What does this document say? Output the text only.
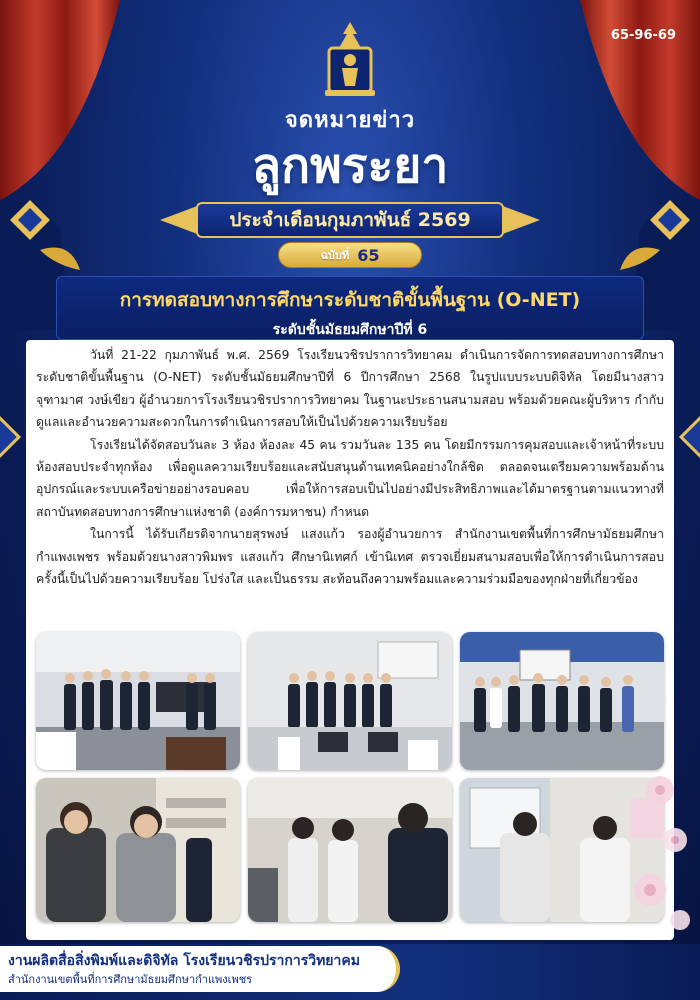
65-96-69
จดหมายข่าว
ลูกพระยา
ประจำเดือนกุมภาพันธ์ 2569
ฉบับที่ 65
การทดสอบทางการศึกษาระดับชาติขั้นพื้นฐาน (O-NET)
ระดับชั้นมัธยมศึกษาปีที่ 6

วันที่ 21-22 กุมภาพันธ์ พ.ศ. 2569 โรงเรียนวชิรปราการวิทยาคม ดำเนินการจัดการทดสอบทางการศึกษาระดับชาติขั้นพื้นฐาน (O-NET) ระดับชั้นมัธยมศึกษาปีที่ 6 ปีการศึกษา 2568 ในรูปแบบระบบดิจิทัล โดยมีนางสาวจุฑามาศ วงษ์เขียว ผู้อำนวยการโรงเรียนวชิรปราการวิทยาคม ในฐานะประธานสนามสอบ พร้อมด้วยคณะผู้บริหาร กำกับดูแลและอำนวยความสะดวกในการดำเนินการสอบให้เป็นไปด้วยความเรียบร้อย

โรงเรียนได้จัดสอบวันละ 3 ห้อง ห้องละ 45 คน รวมวันละ 135 คน โดยมีกรรมการคุมสอบและเจ้าหน้าที่ระบบห้องสอบประจำทุกห้อง เพื่อดูแลความเรียบร้อยและสนับสนุนด้านเทคนิคอย่างใกล้ชิด ตลอดจนเตรียมความพร้อมด้านอุปกรณ์และระบบเครือข่ายอย่างรอบคอบ เพื่อให้การสอบเป็นไปอย่างมีประสิทธิภาพและได้มาตรฐานตามแนวทางที่ สถาบันทดสอบทางการศึกษาแห่งชาติ (องค์การมหาชน) กำหนด

ในการนี้ ได้รับเกียรติจากนายสุรพงษ์ แสงแก้ว รองผู้อำนวยการ สำนักงานเขตพื้นที่การศึกษามัธยมศึกษากำแพงเพชร พร้อมด้วยนางสาวพิมพร แสงแก้ว ศึกษานิเทศก์ เข้านิเทศ ตรวจเยี่ยมสนามสอบเพื่อให้การดำเนินการสอบครั้งนี้เป็นไปด้วยความเรียบร้อย โปร่งใส และเป็นธรรม สะท้อนถึงความพร้อมและความร่วมมือของทุกฝ่ายที่เกี่ยวข้อง

งานผลิตสื่อสิ่งพิมพ์และดิจิทัล โรงเรียนวชิรปราการวิทยาคม
สำนักงานเขตพื้นที่การศึกษามัธยมศึกษากำแพงเพชร
